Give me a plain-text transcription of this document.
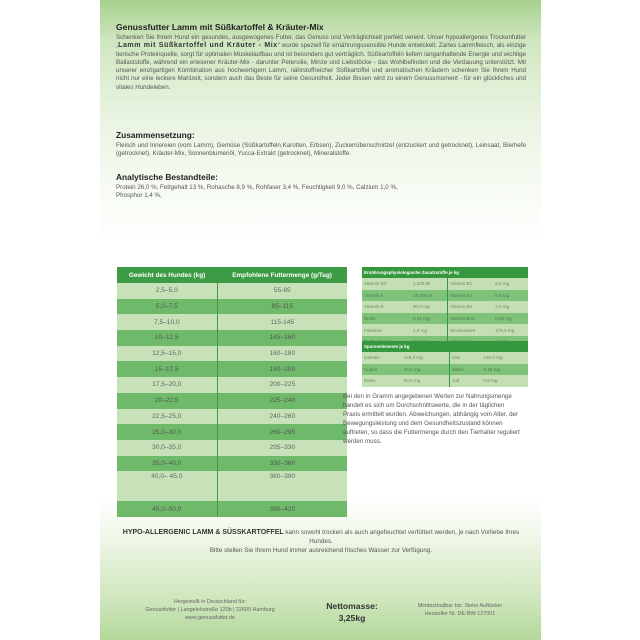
Genussfutter Lamm mit Süßkartoffel & Kräuter-Mix
Schenken Sie Ihrem Hund ein gesundes, ausgewogenes Futter, das Genuss und Verträglichkeit perfekt vereint. Unser hypoallergenes Trockenfutter „Lamm mit Süßkartoffel und Kräuter - Mix“ wurde speziell für ernährungssensible Hunde entwickelt. Zartes Lammfleisch, als einzige tierische Proteinquelle, sorgt für optimalen Muskelaufbau und ist besonders gut verträglich. Süßkartoffeln liefern langanhaltende Energie und wichtige Ballaststoffe, während ein erlesener Kräuter-Mix - darunter Petersilie, Minze und Liebstöcke - das Wohlbefinden und die Verdauung unterstützt. Mit unserer einzigartigen Kombination aus hochwertigem Lamm, nährstoffreicher Süßkartoffel und aromatischen Kräutern schenken Sie Ihrem Hund nicht nur eine leckere Mahlzeit, sondern auch das Beste für seine Gesundheit. Jeder Bissen wird zu einem Genussmoment - für ein glückliches und vitales Hundeleben.
Zusammensetzung:
Fleisch und Innereien (vom Lamm), Gemüse (Süßkartoffeln,Karotten, Erbsen), Zuckerrübenschnitzel (entzuckert und getrocknet), Leinsaat, Bierhefe (getrocknet), Kräuter-Mix, Sonnenblumenöl, Yucca-Extrakt (getrocknet), Mineralstoffe.
Analytische Bestandteile:
Protein 26,0 %, Fettgehalt 13 %, Rohasche 8,9 %, Rohfaser 3,4 %, Feuchtigkeit 9,0 %, Calzium 1,0 %, Phosphor 1,4 %,
Gewicht des Hundes (kg)	Empfohlene Futtermenge (g/Tag)
2,5–5,0	55-85
5,0–7,5	85–115
7,5–10,0	115-145
10–12,5	145–160
12,5–15,0	160–180
15–17,5	180–200
17,5–20,0	200–225
20–22,5	225–240
22,5–25,0	240–260
25,0–30,0	260–295
30,0–35,0	295–330
35,0–40,0	330–360
40,0– 45,0	360–390
45,0–50,0	390–420
Ernährungsphysiologische Zusatzstoffe je kg			
Vitamin D3	1.200 IE	Vitamin B1	5,6 mg
Vitamin A	15.000 IE	Vitamin B2	5,6 mg
Vitamin E	90,0 mg	Vitamin B6	4,0 mg
Biotin	0,22 mg	Vitamin B12	0,06 mg
Folsäure	1,0 mg	Nicotinsäure	179,0 mg

Spurenelemente je kg			
Carnitin	125,0 mg	Zink	100,0 mg
Kupfer	10,0 mg	Selen	0,15 mg
Eisen	80,0 mg	Jod	0,9 mg
Bei den in Gramm angegebenen Werten zur Nahrungsmenge handelt es sich um Durchschnittswerte, die in der täglichen Praxis ermittelt wurden. Abweichungen, abhängig vom Alter, der Bewegungsleistung und dem Gesundheitszustand können auftreten, so dass die Futtermenge durch den Tierhalter reguliert werden muss.
HYPO-ALLERGENIC LAMM & SÜSSKARTOFFEL kann sowohl trocken als auch angefeuchtet verfüttert werden, je nach Vorliebe Ihres Hundes.
Bitte stellen Sie Ihrem Hund immer ausreichend frisches Wasser zur Verfügung.
Hergestellt in Deutschland für:
Genussfutter | Langelohstraße 120b | 22609 Hamburg
www.genussfutter.de
Nettomasse:
3,25kg
Mindesthaltbar bis: Siehe Aufkleber
Hersteller Nr. DE-BW-127001
